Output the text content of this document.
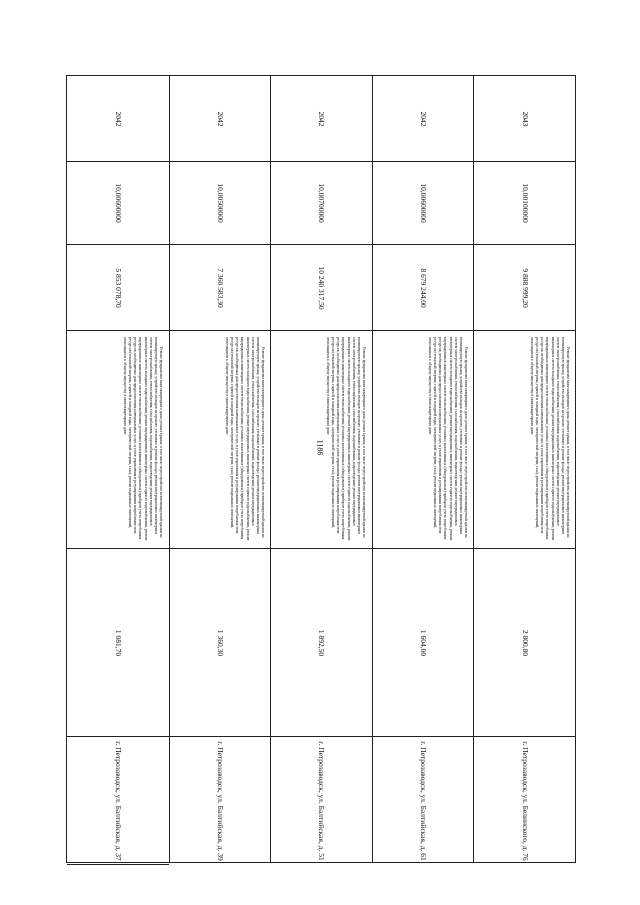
1186
2042
10,00600000
5 853 078,70

Ремонт фундамента многоквартирного дома; ремонт крыши, в том числе переустройство невентилируемой крыши на вентилируемую крышу, устройство выходов на кровлю; утепление и ремонт фасада; ремонт внутридомовых инженерных систем электроснабжения, теплоснабжения, газоснабжения, водоснабжения, водоотведения; ремонт внутридомовых инженерных систем холодного водоснабжения, ремонт внутридомовых инженерных систем горячего водоснабжения, ремонт внутридомовых инженерных систем теплоснабжения; установка коллективных (общедомовых) приборов учета потребления ресурсов, необходимых для предоставления коммунальных услуг, и узлов управления и регулирования потребления этих ресурсов (тепловой энергии, горячей и холодной воды, электрической энергии, газа); ремонт подвальных помещений, относящихся к общему имуществу в многоквартирном доме

1 081,70
г. Петрозаводск, ул. Балтийская, д. 37
2042
10,00500000
7 360 583,30

Ремонт фундамента многоквартирного дома; ремонт крыши, в том числе переустройство невентилируемой крыши на вентилируемую крышу, устройство выходов на кровлю; утепление и ремонт фасада; ремонт внутридомовых инженерных систем электроснабжения, теплоснабжения, газоснабжения, водоснабжения, водоотведения; ремонт внутридомовых инженерных систем холодного водоснабжения, ремонт внутридомовых инженерных систем горячего водоснабжения, ремонт внутридомовых инженерных систем теплоснабжения; установка коллективных (общедомовых) приборов учета потребления ресурсов, необходимых для предоставления коммунальных услуг, и узлов управления и регулирования потребления этих ресурсов (тепловой энергии, горячей и холодной воды, электрической энергии, газа); ремонт подвальных помещений, относящихся к общему имуществу в многоквартирном доме

1 360,30
г. Петрозаводск, ул. Балтийская, д. 39
2042
10,00700000
10 240 317,50

Ремонт фундамента многоквартирного дома; ремонт крыши, в том числе переустройство невентилируемой крыши на вентилируемую крышу, устройство выходов на кровлю; утепление и ремонт фасада; ремонт внутридомовых инженерных систем электроснабжения, теплоснабжения, газоснабжения, водоснабжения, водоотведения; ремонт внутридомовых инженерных систем холодного водоснабжения, ремонт внутридомовых инженерных систем горячего водоснабжения, ремонт внутридомовых инженерных систем теплоснабжения; установка коллективных (общедомовых) приборов учета потребления ресурсов, необходимых для предоставления коммунальных услуг, и узлов управления и регулирования потребления этих ресурсов (тепловой энергии, горячей и холодной воды, электрической энергии, газа); ремонт подвальных помещений, относящихся к общему имуществу в многоквартирном доме

1 892,50
г. Петрозаводск, ул. Балтийская, д. 51
2042
10,00600000
8 679 244,00

Ремонт фундамента многоквартирного дома; ремонт крыши, в том числе переустройство невентилируемой крыши на вентилируемую крышу, устройство выходов на кровлю; утепление и ремонт фасада; ремонт внутридомовых инженерных систем электроснабжения, теплоснабжения, газоснабжения, водоснабжения, водоотведения; ремонт внутридомовых инженерных систем холодного водоснабжения, ремонт внутридомовых инженерных систем горячего водоснабжения, ремонт внутридомовых инженерных систем теплоснабжения; установка коллективных (общедомовых) приборов учета потребления ресурсов, необходимых для предоставления коммунальных услуг, и узлов управления и регулирования потребления этих ресурсов (тепловой энергии, горячей и холодной воды, электрической энергии, газа); ремонт подвальных помещений, относящихся к общему имуществу в многоквартирном доме

1 604,00
г. Петрозаводск, ул. Балтийская, д. 61
2043
10,00100000
9 888 999,20

Ремонт фундамента многоквартирного дома; ремонт крыши, в том числе переустройство невентилируемой крыши на вентилируемую крышу, устройство выходов на кровлю; утепление и ремонт фасада; ремонт внутридомовых инженерных систем электроснабжения, теплоснабжения, газоснабжения, водоснабжения, водоотведения; ремонт внутридомовых инженерных систем холодного водоснабжения, ремонт внутридомовых инженерных систем горячего водоснабжения, ремонт внутридомовых инженерных систем теплоснабжения; установка коллективных (общедомовых) приборов учета потребления ресурсов, необходимых для предоставления коммунальных услуг, и узлов управления и регулирования потребления этих ресурсов (тепловой энергии, горячей и холодной воды, электрической энергии, газа); ремонт подвальных помещений, относящихся к общему имуществу в многоквартирном доме

2 800,80
г. Петрозаводск, ул. Белинского, д. 76
